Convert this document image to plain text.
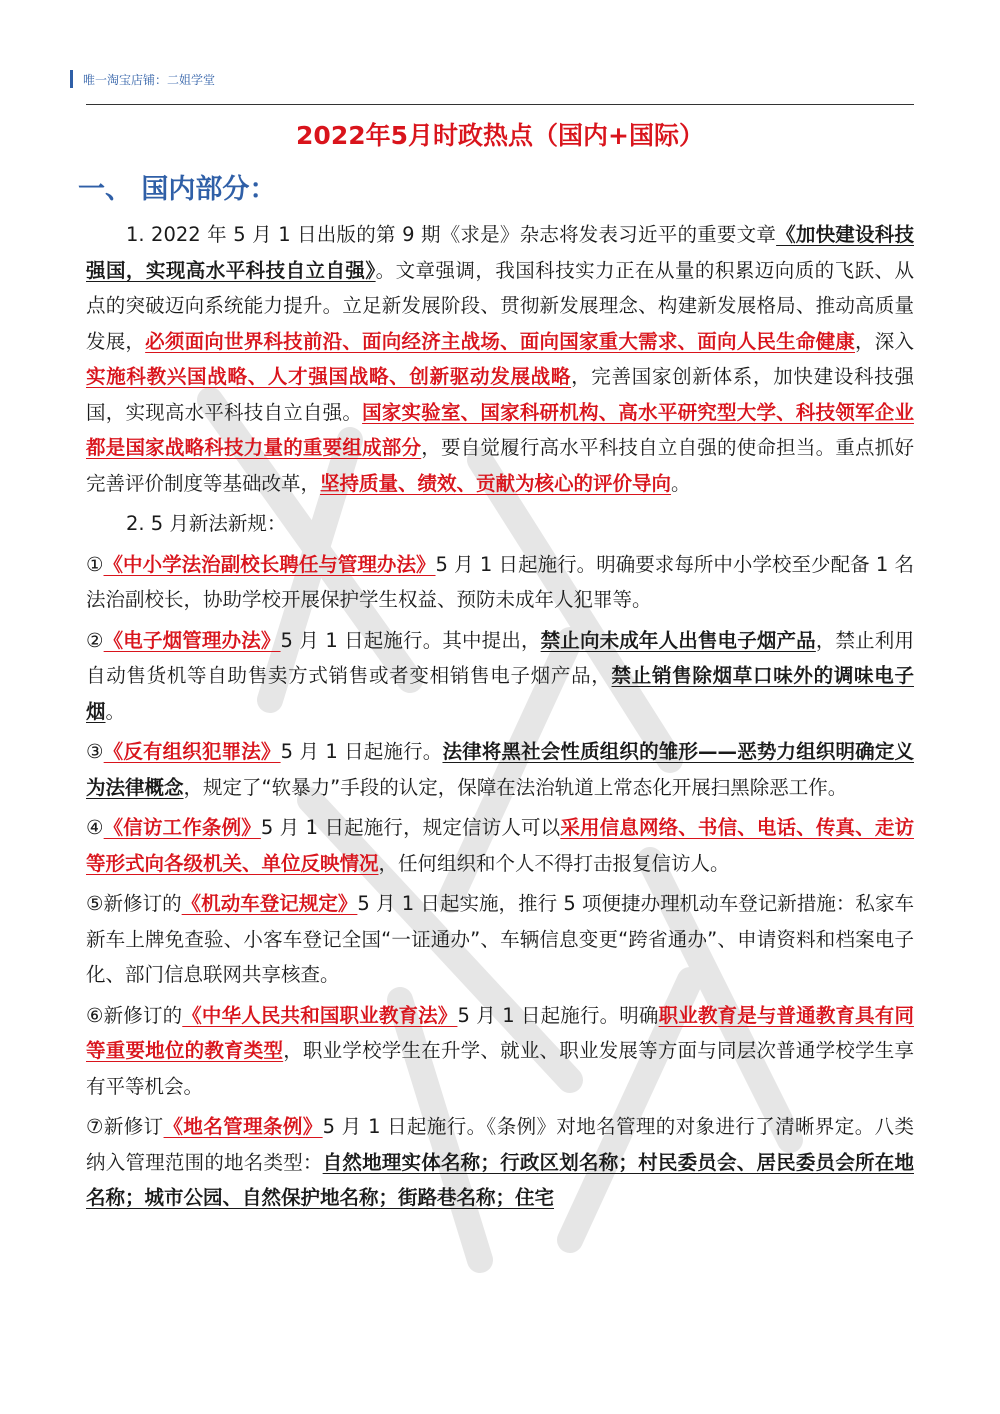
唯一淘宝店铺：二姐学堂
2022年5月时政热点（国内+国际）
一、 国内部分：

1. 2022 年 5 月 1 日出版的第 9 期《求是》杂志将发表习近平的重要文章《加快建设科技强国，实现高水平科技自立自强》。文章强调，我国科技实力正在从量的积累迈向质的飞跃、从点的突破迈向系统能力提升。立足新发展阶段、贯彻新发展理念、构建新发展格局、推动高质量发展，必须面向世界科技前沿、面向经济主战场、面向国家重大需求、面向人民生命健康，深入实施科教兴国战略、人才强国战略、创新驱动发展战略，完善国家创新体系，加快建设科技强国，实现高水平科技自立自强。国家实验室、国家科研机构、高水平研究型大学、科技领军企业都是国家战略科技力量的重要组成部分，要自觉履行高水平科技自立自强的使命担当。重点抓好完善评价制度等基础改革，坚持质量、绩效、贡献为核心的评价导向。

2. 5 月新法新规：

①《中小学法治副校长聘任与管理办法》5 月 1 日起施行。明确要求每所中小学校至少配备 1 名法治副校长，协助学校开展保护学生权益、预防未成年人犯罪等。

②《电子烟管理办法》5 月 1 日起施行。其中提出，禁止向未成年人出售电子烟产品，禁止利用自动售货机等自助售卖方式销售或者变相销售电子烟产品，禁止销售除烟草口味外的调味电子烟。

③《反有组织犯罪法》5 月 1 日起施行。法律将黑社会性质组织的雏形——恶势力组织明确定义为法律概念，规定了“软暴力”手段的认定，保障在法治轨道上常态化开展扫黑除恶工作。

④《信访工作条例》5 月 1 日起施行，规定信访人可以采用信息网络、书信、电话、传真、走访等形式向各级机关、单位反映情况，任何组织和个人不得打击报复信访人。

⑤新修订的《机动车登记规定》5 月 1 日起实施，推行 5 项便捷办理机动车登记新措施：私家车新车上牌免查验、小客车登记全国“一证通办”、车辆信息变更“跨省通办”、申请资料和档案电子化、部门信息联网共享核查。

⑥新修订的《中华人民共和国职业教育法》5 月 1 日起施行。明确职业教育是与普通教育具有同等重要地位的教育类型，职业学校学生在升学、就业、职业发展等方面与同层次普通学校学生享有平等机会。

⑦新修订《地名管理条例》5 月 1 日起施行。《条例》对地名管理的对象进行了清晰界定。八类纳入管理范围的地名类型：自然地理实体名称；行政区划名称；村民委员会、居民委员会所在地名称；城市公园、自然保护地名称；街路巷名称；住宅
